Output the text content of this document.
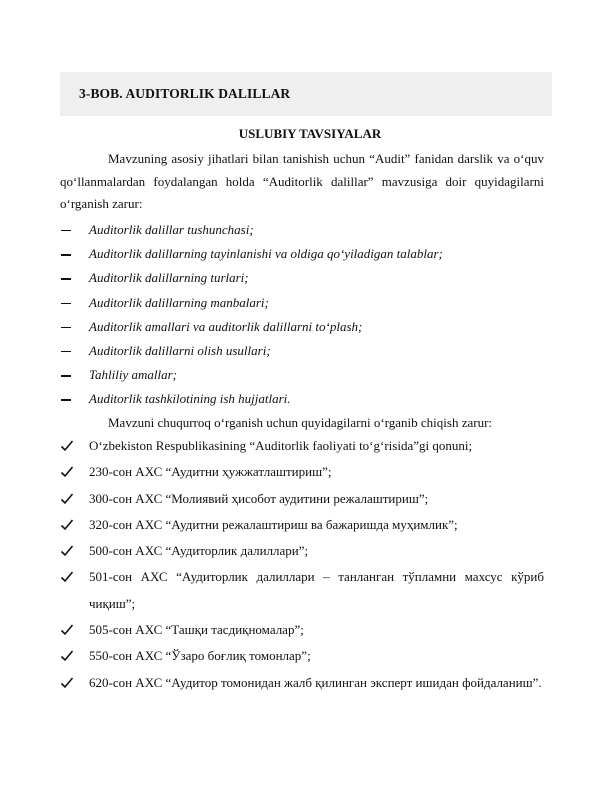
3-BOB. AUDITORLIK DALILLAR
USLUBIY TAVSIYALAR

Mavzuning asosiy jihatlari bilan tanishish uchun “Audit” fanidan darslik va o‘quv qo‘llanmalardan foydalangan holda “Auditorlik dalillar” mavzusiga doir quyidagilarni o‘rganish zarur:

Auditorlik dalillar tushunchasi;
Auditorlik dalillarning tayinlanishi va oldiga qo‘yiladigan talablar;
Auditorlik dalillarning turlari;
Auditorlik dalillarning manbalari;
Auditorlik amallari va auditorlik dalillarni to‘plash;
Auditorlik dalillarni olish usullari;
Tahliliy amallar;
Auditorlik tashkilotining ish hujjatlari.

Mavzuni chuqurroq o‘rganish uchun quyidagilarni o‘rganib chiqish zarur:

O‘zbekiston Respublikasining “Auditorlik faoliyati to‘g‘risida”gi qonuni;
230-сон АХС “Аудитни ҳужжатлаштириш”;
300-сон АХС “Молиявий ҳисобот аудитини режалаштириш”;
320-сон АХС “Аудитни режалаштириш ва бажаришда муҳимлик”;
500-сон АХС “Аудиторлик далиллари”;
501-сон АХС “Аудиторлик далиллари – танланган тўпламни махсус кўриб чиқиш”;
505-сон АХС “Ташқи тасдиқномалар”;
550-сон АХС “Ўзаро боғлиқ томонлар”;
620-сон АХС “Аудитор томонидан жалб қилинган эксперт ишидан фойдаланиш”.
